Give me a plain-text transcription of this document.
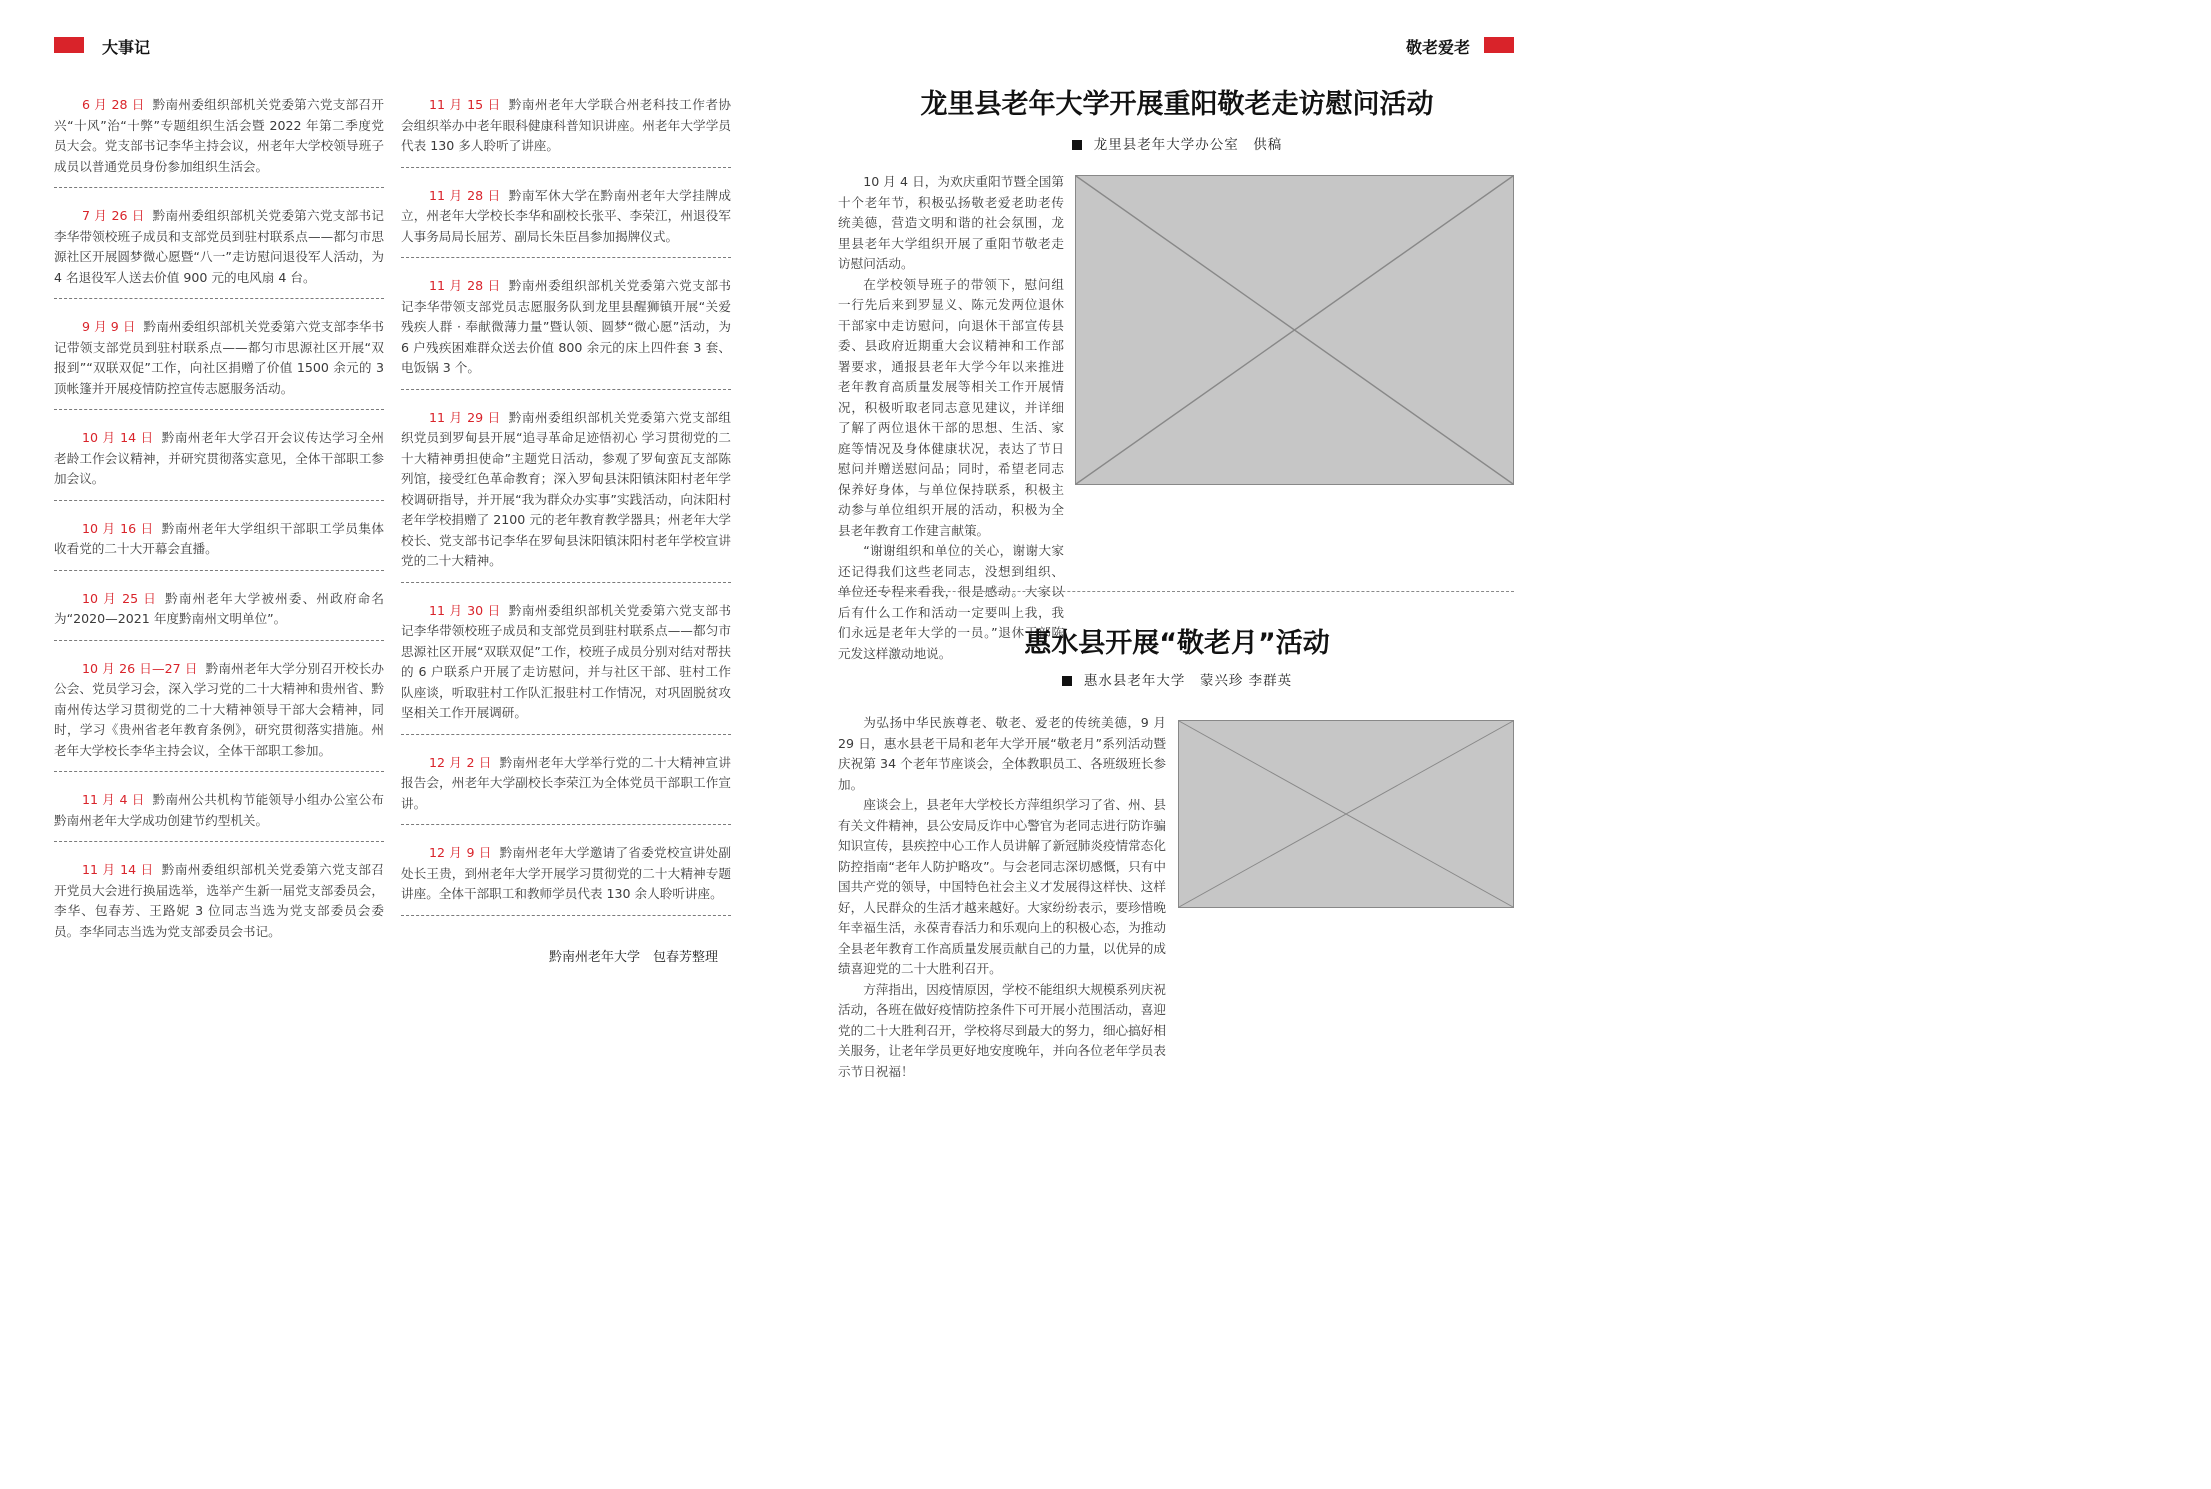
大事记	敬老爱老
6 月 28 日 黔南州委组织部机关党委第六党支部召开兴“十风”治“十弊”专题组织生活会暨 2022 年第二季度党员大会。党支部书记李华主持会议，州老年大学校领导班子成员以普通党员身份参加组织生活会。
7 月 26 日 黔南州委组织部机关党委第六党支部书记李华带领校班子成员和支部党员到驻村联系点——都匀市思源社区开展圆梦微心愿暨“八一”走访慰问退役军人活动，为 4 名退役军人送去价值 900 元的电风扇 4 台。
9 月 9 日 黔南州委组织部机关党委第六党支部李华书记带领支部党员到驻村联系点——都匀市思源社区开展“双报到”“双联双促”工作，向社区捐赠了价值 1500 余元的 3 顶帐篷并开展疫情防控宣传志愿服务活动。
10 月 14 日 黔南州老年大学召开会议传达学习全州老龄工作会议精神，并研究贯彻落实意见，全体干部职工参加会议。
10 月 16 日 黔南州老年大学组织干部职工学员集体收看党的二十大开幕会直播。
10 月 25 日 黔南州老年大学被州委、州政府命名为“2020—2021 年度黔南州文明单位”。
10 月 26 日—27 日 黔南州老年大学分别召开校长办公会、党员学习会，深入学习党的二十大精神和贵州省、黔南州传达学习贯彻党的二十大精神领导干部大会精神，同时，学习《贵州省老年教育条例》，研究贯彻落实措施。州老年大学校长李华主持会议，全体干部职工参加。
11 月 4 日 黔南州公共机构节能领导小组办公室公布黔南州老年大学成功创建节约型机关。
11 月 14 日 黔南州委组织部机关党委第六党支部召开党员大会进行换届选举，选举产生新一届党支部委员会，李华、包春芳、王路妮 3 位同志当选为党支部委员会委员。李华同志当选为党支部委员会书记。
11 月 15 日 黔南州老年大学联合州老科技工作者协会组织举办中老年眼科健康科普知识讲座。州老年大学学员代表 130 多人聆听了讲座。
11 月 28 日 黔南军休大学在黔南州老年大学挂牌成立，州老年大学校长李华和副校长张平、李荣江，州退役军人事务局局长屈芳、副局长朱臣昌参加揭牌仪式。
11 月 28 日 黔南州委组织部机关党委第六党支部书记李华带领支部党员志愿服务队到龙里县醒狮镇开展“关爱残疾人群 · 奉献微薄力量”暨认领、圆梦“微心愿”活动，为 6 户残疾困难群众送去价值 800 余元的床上四件套 3 套、电饭锅 3 个。
11 月 29 日 黔南州委组织部机关党委第六党支部组织党员到罗甸县开展“追寻革命足迹悟初心 学习贯彻党的二十大精神勇担使命”主题党日活动，参观了罗甸蛮瓦支部陈列馆，接受红色革命教育；深入罗甸县沫阳镇沫阳村老年学校调研指导，并开展“我为群众办实事”实践活动，向沫阳村老年学校捐赠了 2100 元的老年教育教学器具；州老年大学校长、党支部书记李华在罗甸县沫阳镇沫阳村老年学校宣讲党的二十大精神。
11 月 30 日 黔南州委组织部机关党委第六党支部书记李华带领校班子成员和支部党员到驻村联系点——都匀市思源社区开展“双联双促”工作，校班子成员分别对结对帮扶的 6 户联系户开展了走访慰问，并与社区干部、驻村工作队座谈，听取驻村工作队汇报驻村工作情况，对巩固脱贫攻坚相关工作开展调研。
12 月 2 日 黔南州老年大学举行党的二十大精神宣讲报告会，州老年大学副校长李荣江为全体党员干部职工作宣讲。
12 月 9 日 黔南州老年大学邀请了省委党校宣讲处副处长王贵，到州老年大学开展学习贯彻党的二十大精神专题讲座。全体干部职工和教师学员代表 130 余人聆听讲座。
黔南州老年大学　包春芳整理
龙里县老年大学开展重阳敬老走访慰问活动
龙里县老年大学办公室　供稿

10 月 4 日，为欢庆重阳节暨全国第十个老年节，积极弘扬敬老爱老助老传统美德，营造文明和谐的社会氛围，龙里县老年大学组织开展了重阳节敬老走访慰问活动。

在学校领导班子的带领下，慰问组一行先后来到罗显义、陈元发两位退休干部家中走访慰问，向退休干部宣传县委、县政府近期重大会议精神和工作部署要求，通报县老年大学今年以来推进老年教育高质量发展等相关工作开展情况，积极听取老同志意见建议，并详细了解了两位退休干部的思想、生活、家庭等情况及身体健康状况，表达了节日慰问并赠送慰问品；同时，希望老同志保养好身体，与单位保持联系，积极主动参与单位组织开展的活动，积极为全县老年教育工作建言献策。

“谢谢组织和单位的关心，谢谢大家还记得我们这些老同志，没想到组织、单位还专程来看我，很是感动。大家以后有什么工作和活动一定要叫上我，我们永远是老年大学的一员。”退休干部陈元发这样激动地说。	惠水县开展“敬老月”活动
惠水县老年大学　蒙兴珍 李群英

为弘扬中华民族尊老、敬老、爱老的传统美德，9 月 29 日，惠水县老干局和老年大学开展“敬老月”系列活动暨庆祝第 34 个老年节座谈会，全体教职员工、各班级班长参加。

座谈会上，县老年大学校长方萍组织学习了省、州、县有关文件精神，县公安局反诈中心警官为老同志进行防诈骗知识宣传，县疾控中心工作人员讲解了新冠肺炎疫情常态化防控指南“老年人防护略攻”。与会老同志深切感慨，只有中国共产党的领导，中国特色社会主义才发展得这样快、这样好，人民群众的生活才越来越好。大家纷纷表示，要珍惜晚年幸福生活，永葆青春活力和乐观向上的积极心态，为推动全县老年教育工作高质量发展贡献自己的力量，以优异的成绩喜迎党的二十大胜利召开。

方萍指出，因疫情原因，学校不能组织大规模系列庆祝活动，各班在做好疫情防控条件下可开展小范围活动，喜迎党的二十大胜利召开，学校将尽到最大的努力，细心搞好相关服务，让老年学员更好地安度晚年，并向各位老年学员表示节日祝福！
